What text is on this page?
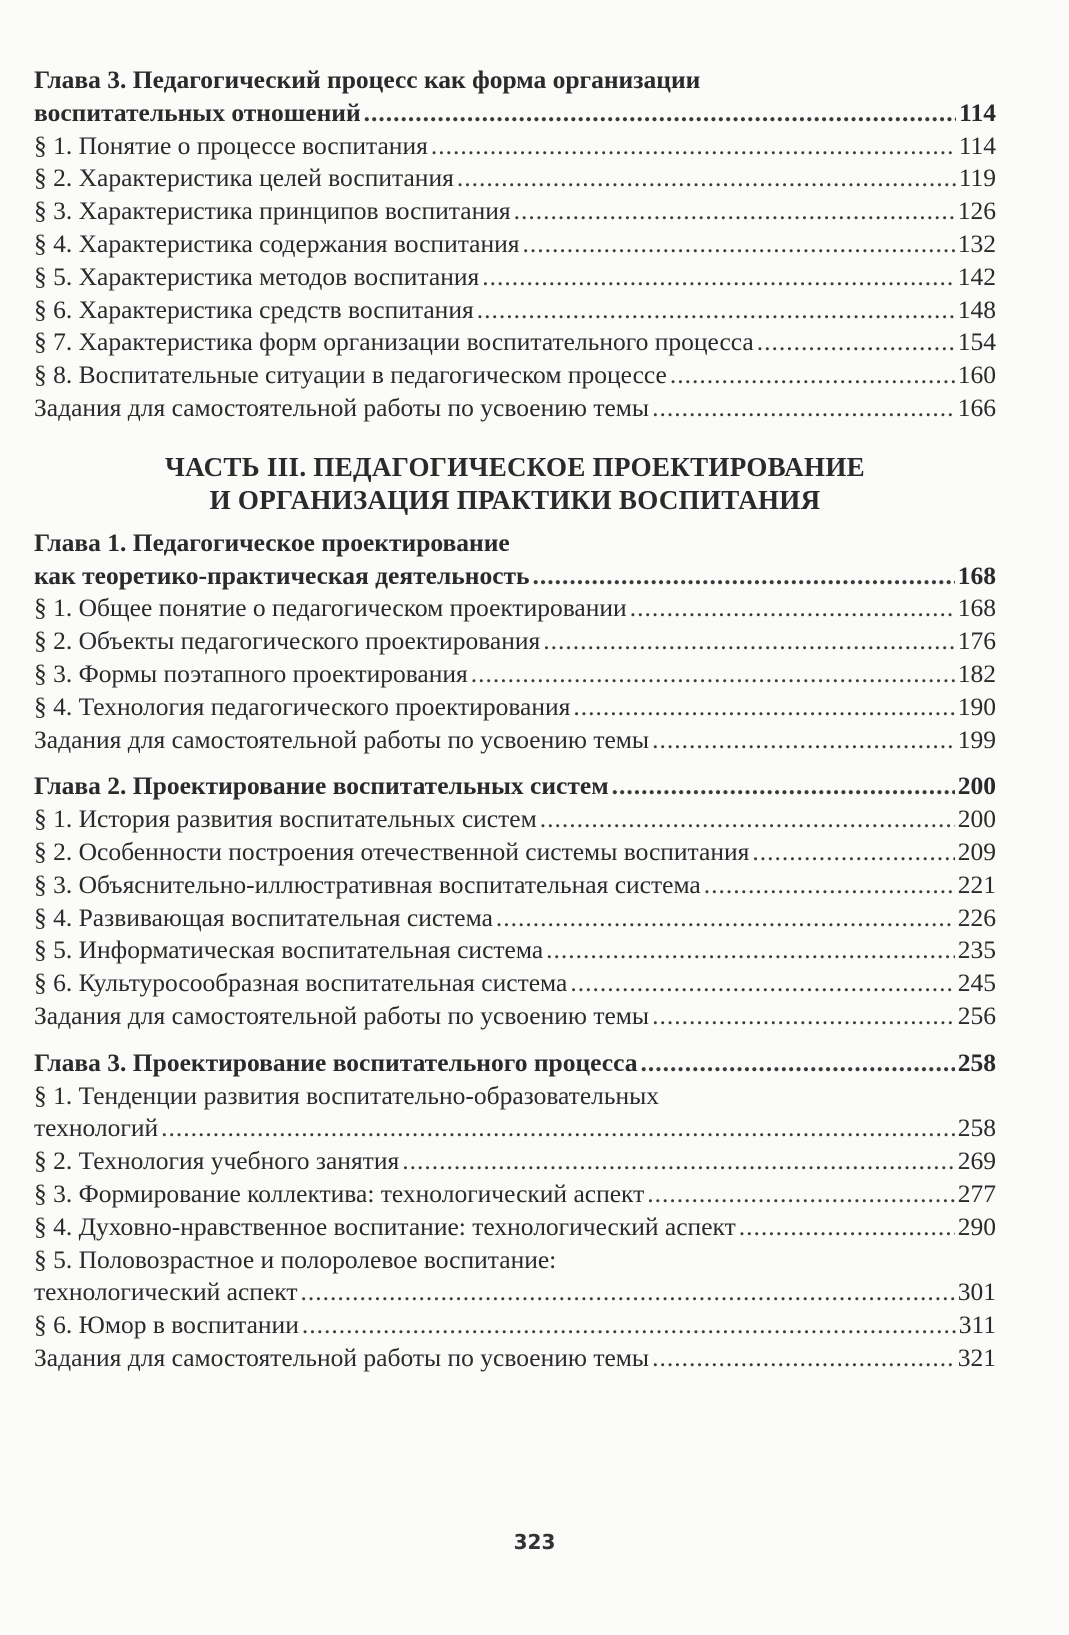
Глава 3. Педагогический процесс как форма организации
воспитательных отношений .....	114
§ 1. Понятие о процессе воспитания .....	114
§ 2. Характеристика целей воспитания .....	119
§ 3. Характеристика принципов воспитания .....	126
§ 4. Характеристика содержания воспитания .....	132
§ 5. Характеристика методов воспитания .....	142
§ 6. Характеристика средств воспитания .....	148
§ 7. Характеристика форм организации воспитательного процесса .....	154
§ 8. Воспитательные ситуации в педагогическом процессе .....	160
Задания для самостоятельной работы по усвоению темы .....	166
ЧАСТЬ III. ПЕДАГОГИЧЕСКОЕ ПРОЕКТИРОВАНИЕ
И ОРГАНИЗАЦИЯ ПРАКТИКИ ВОСПИТАНИЯ
Глава 1. Педагогическое проектирование
как теоретико-практическая деятельность .....	168
§ 1. Общее понятие о педагогическом проектировании .....	168
§ 2. Объекты педагогического проектирования .....	176
§ 3. Формы поэтапного проектирования .....	182
§ 4. Технология педагогического проектирования .....	190
Задания для самостоятельной работы по усвоению темы .....	199
Глава 2. Проектирование воспитательных систем .....	200
§ 1. История развития воспитательных систем .....	200
§ 2. Особенности построения отечественной системы воспитания .....	209
§ 3. Объяснительно-иллюстративная воспитательная система .....	221
§ 4. Развивающая воспитательная система .....	226
§ 5. Информатическая воспитательная система .....	235
§ 6. Культуросообразная воспитательная система .....	245
Задания для самостоятельной работы по усвоению темы .....	256
Глава 3. Проектирование воспитательного процесса .....	258
§ 1. Тенденции развития воспитательно-образовательных
технологий .....	258
§ 2. Технология учебного занятия .....	269
§ 3. Формирование коллектива: технологический аспект .....	277
§ 4. Духовно-нравственное воспитание: технологический аспект .....	290
§ 5. Половозрастное и полоролевое воспитание:
технологический аспект .....	301
§ 6. Юмор в воспитании .....	311
Задания для самостоятельной работы по усвоению темы .....	321
323
